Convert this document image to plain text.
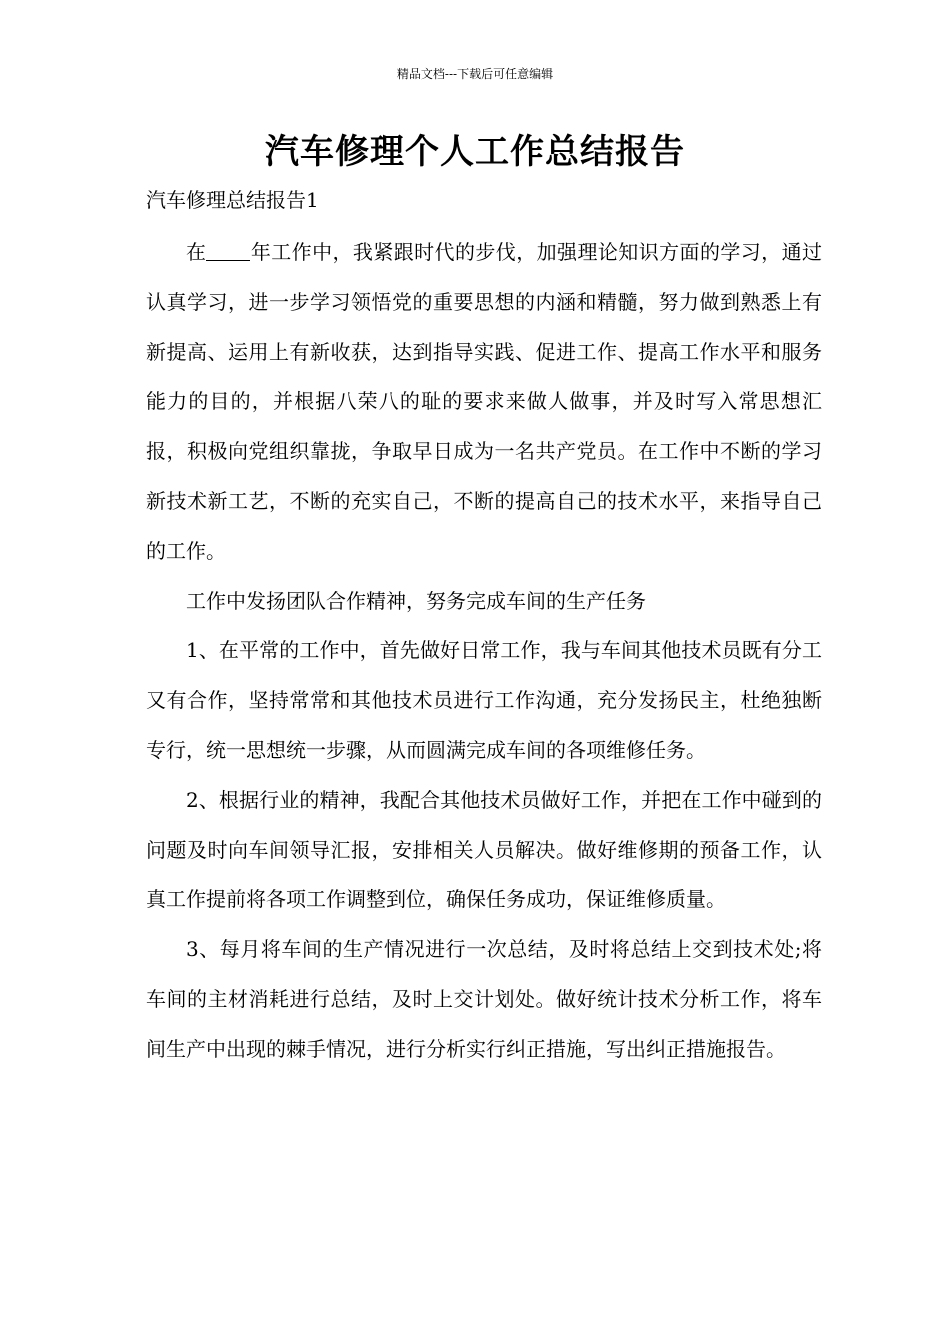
精品文档---下载后可任意编辑
汽车修理个人工作总结报告
汽车修理总结报告1

在 年工作中，我紧跟时代的步伐，加强理论知识方面的学习，通过认真学习，进一步学习领悟党的重要思想的内涵和精髓，努力做到熟悉上有新提高、运用上有新收获，达到指导实践、促进工作、提高工作水平和服务能力的目的，并根据八荣八的耻的要求来做人做事，并及时写入常思想汇报，积极向党组织靠拢，争取早日成为一名共产党员。在工作中不断的学习新技术新工艺，不断的充实自己，不断的提高自己的技术水平，来指导自己的工作。

工作中发扬团队合作精神，努务完成车间的生产任务

1、在平常的工作中，首先做好日常工作，我与车间其他技术员既有分工又有合作，坚持常常和其他技术员进行工作沟通，充分发扬民主，杜绝独断专行，统一思想统一步骤，从而圆满完成车间的各项维修任务。

2、根据行业的精神，我配合其他技术员做好工作，并把在工作中碰到的问题及时向车间领导汇报，安排相关人员解决。做好维修期的预备工作，认真工作提前将各项工作调整到位，确保任务成功，保证维修质量。

3、每月将车间的生产情况进行一次总结，及时将总结上交到技术处;将车间的主材消耗进行总结，及时上交计划处。做好统计技术分析工作，将车间生产中出现的棘手情况，进行分析实行纠正措施，写出纠正措施报告。
